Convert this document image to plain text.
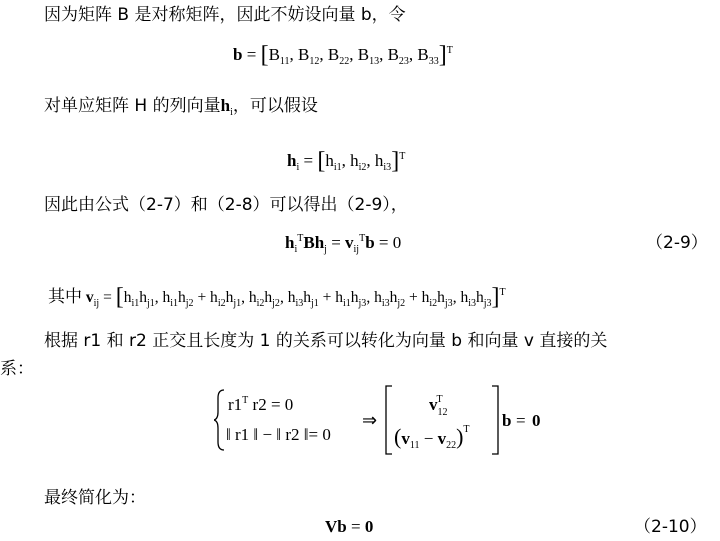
因为矩阵 B 是对称矩阵，因此不妨设向量 b，令
$b = [B_{11}$, $B_{12}$, $B_{22}$, $B_{13}$, $B_{23}$, $B_{33}]^T$
对单应矩阵 H 的列向量$h_i$，可以假设
$h_i = [h_{i1}$, $h_{i2}$, $h_{i3}]^T$
因此由公式（2-7）和（2-8）可以得出（2-9），
$h_i^TBh_j = v_{ij}^Tb = 0$	（2-9）
其中 $v_{ij} = [h_{i1}h_{j1}$, $h_{i1}h_{j2} + h_{i2}h_{j1}$, $h_{i2}h_{j2}$, $h_{i3}h_{j1} + h_{i1}h_{j3}$, $h_{i3}h_{j2} + h_{i2}h_{j3}$, $h_{i3}h_{j3}]^T$
根据 r1 和 r2 正交且长度为 1 的关系可以转化为向量 b 和向量 v 直接的关
系：
$r1^T$ r2 = 0
‖ r1 ‖ − ‖ r2 ‖= 0
⇒
$v_{12}T$
$(v_{11} - v_{22})^T$ b = 0
最终简化为：
Vb = 0	（2-10）
